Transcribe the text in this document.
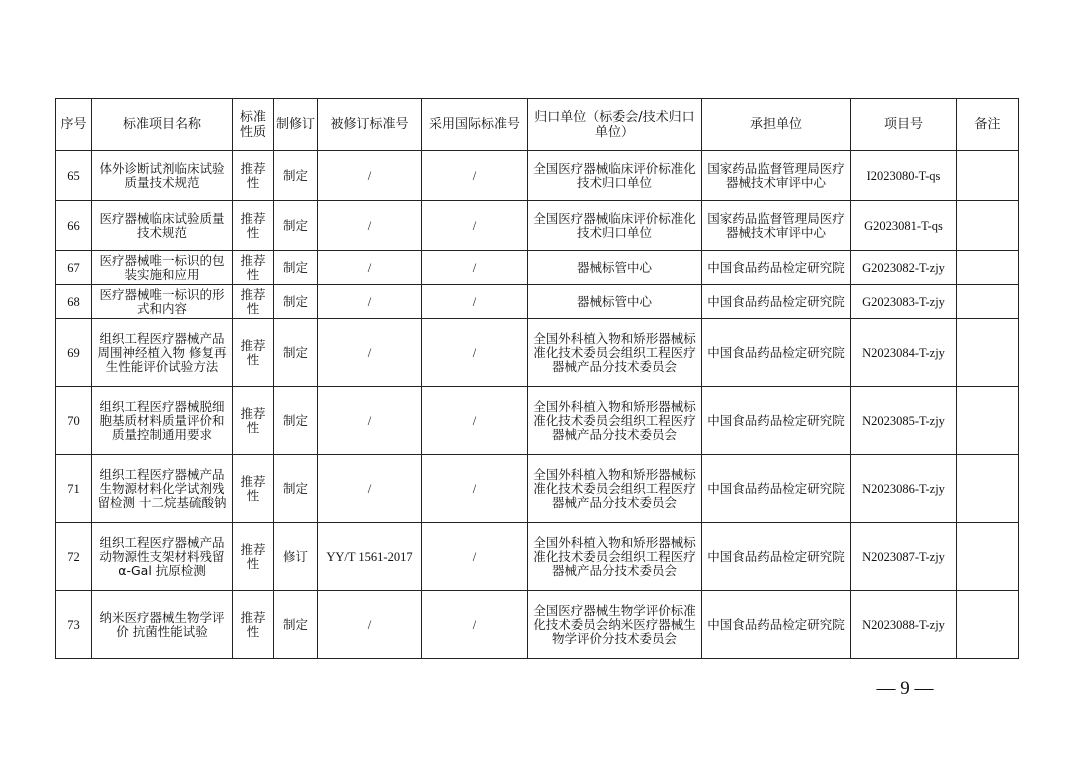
序号	标准项目名称	标准性质	制修订	被修订标准号	采用国际标准号	归口单位（标委会/技术归口单位）	承担单位	项目号	备注
65	体外诊断试剂临床试验质量技术规范	推荐性	制定	/	/	全国医疗器械临床评价标准化技术归口单位	国家药品监督管理局医疗器械技术审评中心	I2023080-T-qs	
66	医疗器械临床试验质量技术规范	推荐性	制定	/	/	全国医疗器械临床评价标准化技术归口单位	国家药品监督管理局医疗器械技术审评中心	G2023081-T-qs	
67	医疗器械唯一标识的包装实施和应用	推荐性	制定	/	/	器械标管中心	中国食品药品检定研究院	G2023082-T-zjy	
68	医疗器械唯一标识的形式和内容	推荐性	制定	/	/	器械标管中心	中国食品药品检定研究院	G2023083-T-zjy	
69	组织工程医疗器械产品 周围神经植入物 修复再生性能评价试验方法	推荐性	制定	/	/	全国外科植入物和矫形器械标准化技术委员会组织工程医疗器械产品分技术委员会	中国食品药品检定研究院	N2023084-T-zjy	
70	组织工程医疗器械脱细胞基质材料质量评价和质量控制通用要求	推荐性	制定	/	/	全国外科植入物和矫形器械标准化技术委员会组织工程医疗器械产品分技术委员会	中国食品药品检定研究院	N2023085-T-zjy	
71	组织工程医疗器械产品 生物源材料化学试剂残留检测 十二烷基硫酸钠	推荐性	制定	/	/	全国外科植入物和矫形器械标准化技术委员会组织工程医疗器械产品分技术委员会	中国食品药品检定研究院	N2023086-T-zjy	
72	组织工程医疗器械产品 动物源性支架材料残留 α-Gal 抗原检测	推荐性	修订	YY/T 1561-2017	/	全国外科植入物和矫形器械标准化技术委员会组织工程医疗器械产品分技术委员会	中国食品药品检定研究院	N2023087-T-zjy	
73	纳米医疗器械生物学评价 抗菌性能试验	推荐性	制定	/	/	全国医疗器械生物学评价标准化技术委员会纳米医疗器械生物学评价分技术委员会	中国食品药品检定研究院	N2023088-T-zjy	
— 9 —
